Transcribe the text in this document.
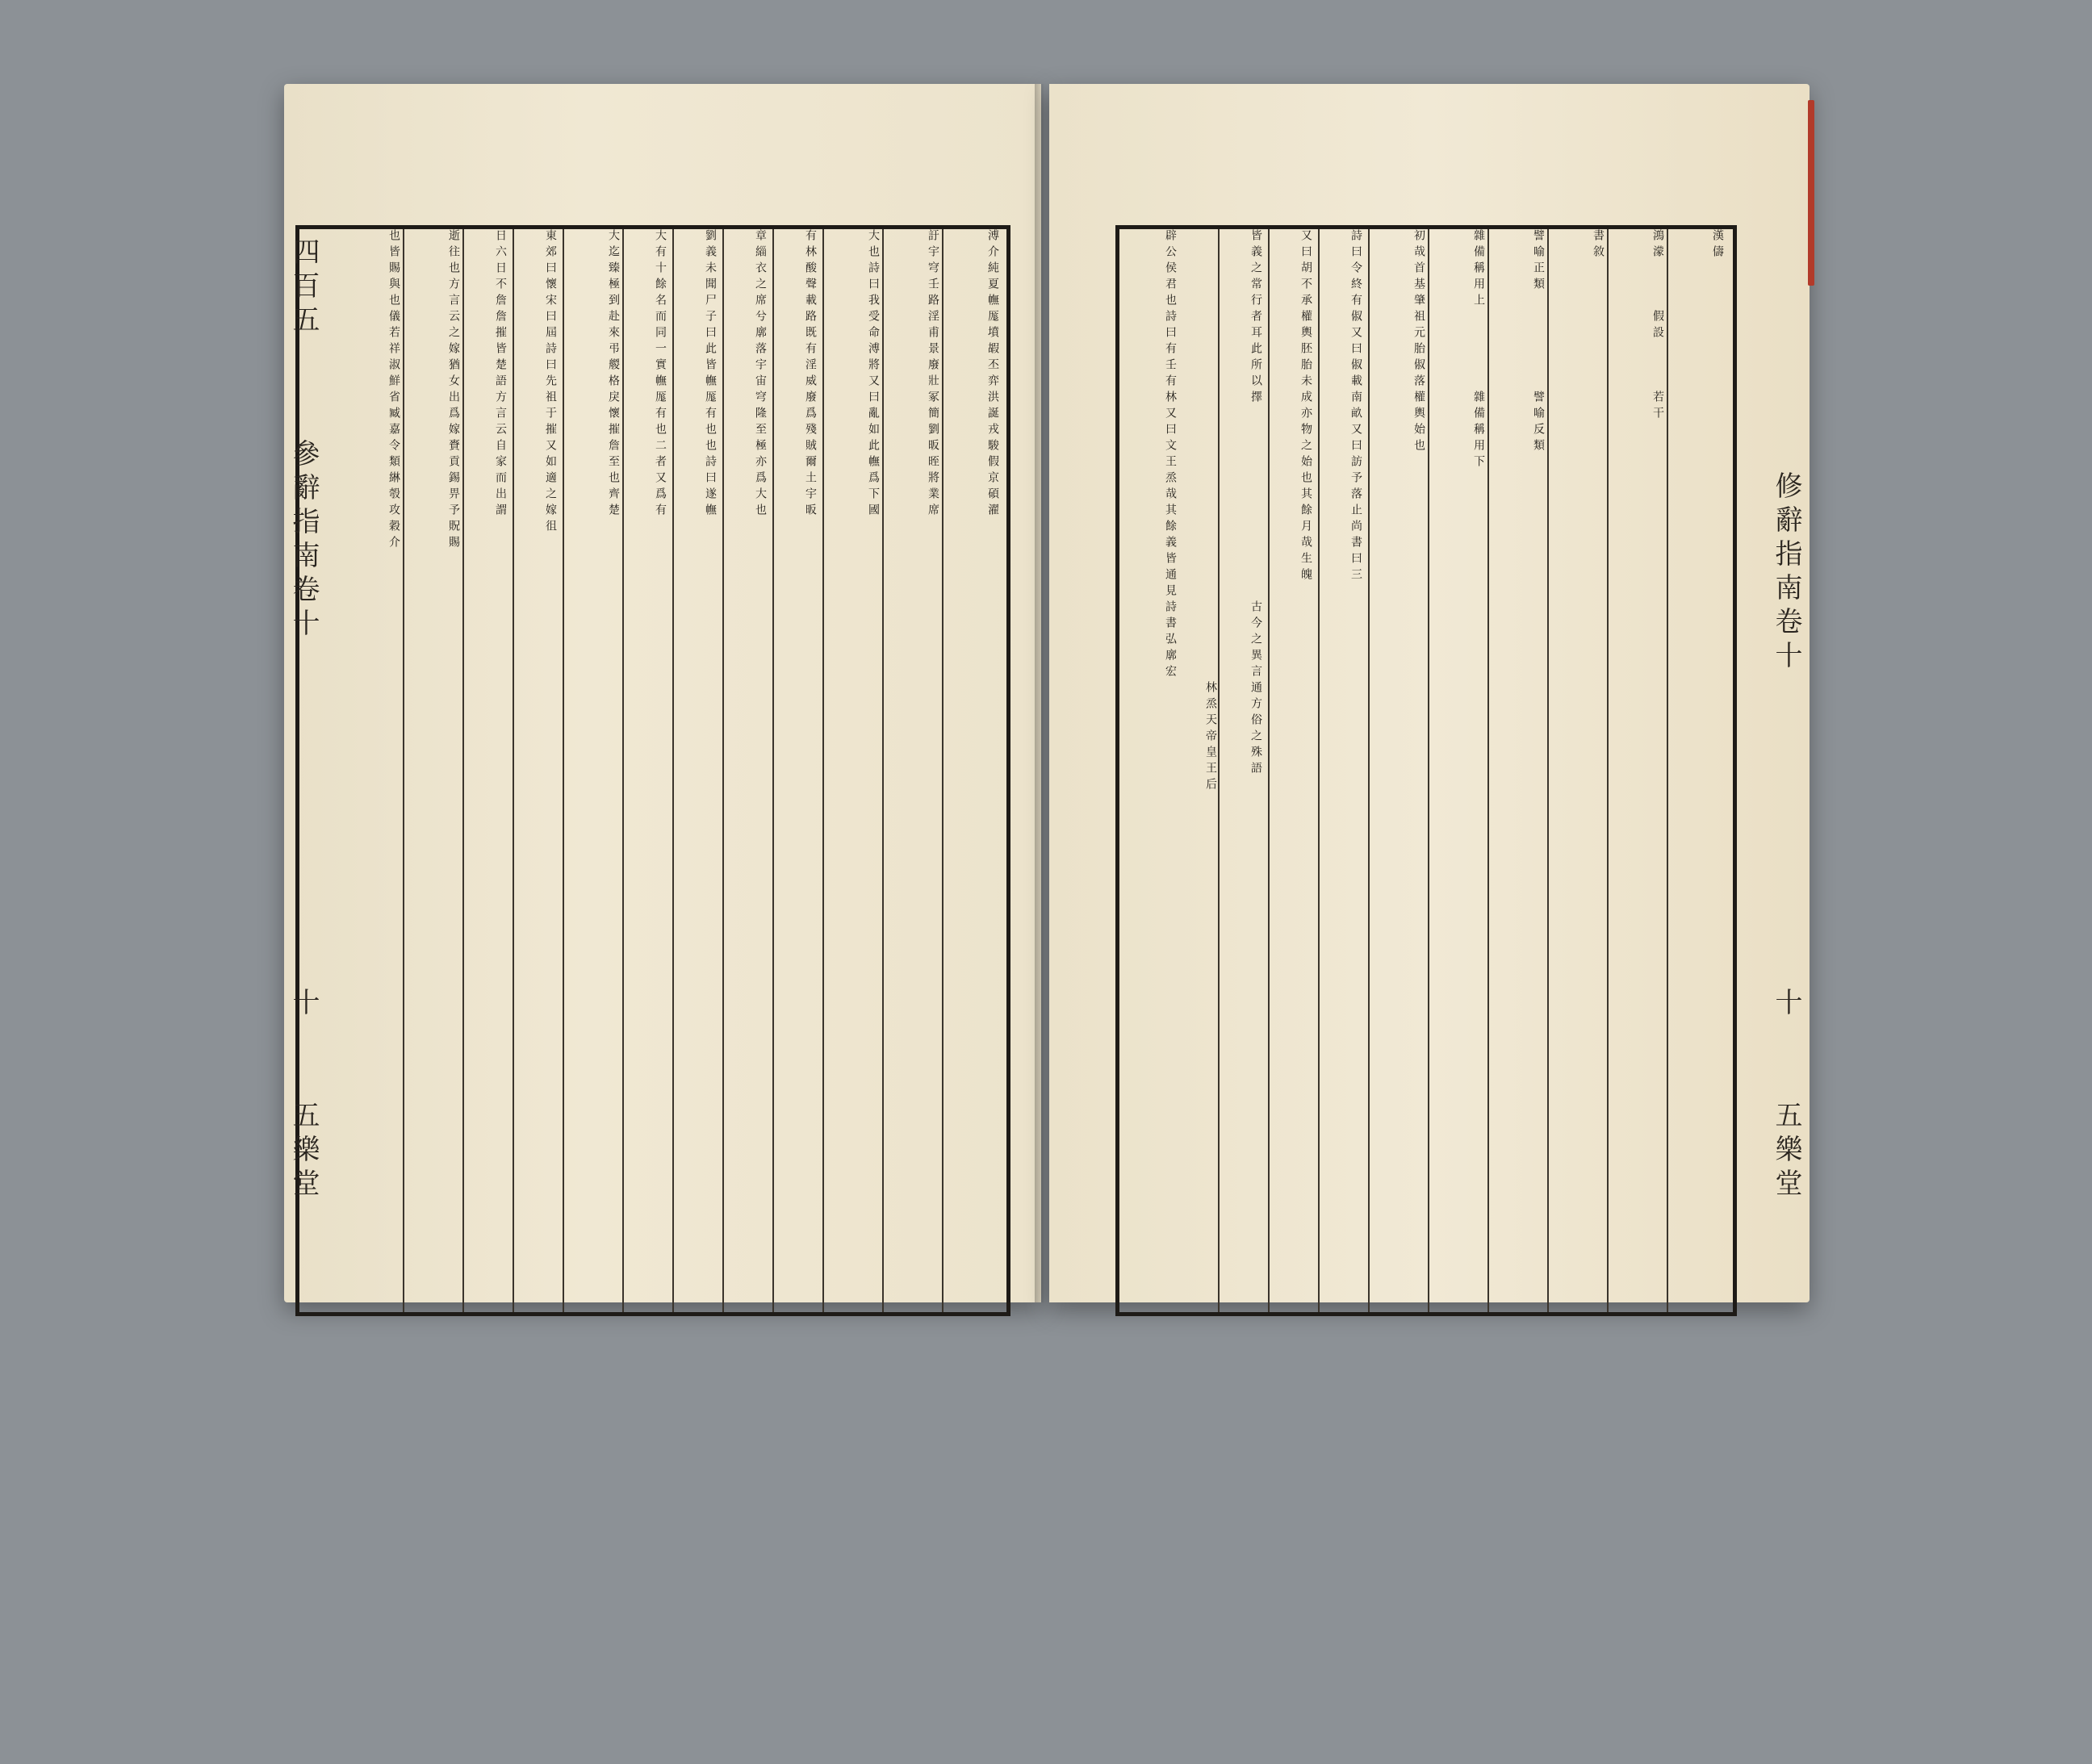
溥介純夏幠厖墳嘏丕弈洪誕戎駿假京碩濯
訏宇穹壬路淫甫景廢壯冢簡劉昄晊將業席
大也詩曰我受命溥將又曰亂如此幠爲下國
有林酸聲載路既有淫威廢爲殘賊爾土宇昄
章緇衣之席兮廓落宇宙穹隆至極亦爲大也
劉義未聞尸子曰此皆幠厖有也也詩曰遂幠
大有十餘名而同一實幠厖有也二者又爲有
大迄臻極到赴來弔艐格戾懷摧詹至也齊楚
東郊曰懷宋曰屆詩曰先祖于摧又如適之嫁徂
日六日不詹詹摧皆楚語方言云自家而出謂
逝往也方言云之嫁猶女出爲嫁賚貢錫畀予貺賜
也皆賜與也儀若祥淑鮮省臧嘉令類綝彀攻穀介
四百五
參辭指南卷十
十
五樂堂
漢儔
鴻濛　　　假設　　　若干
書敘
譬喻正類　　　　　　譬喻反類
雜備稱用上　　　　　雜備稱用下
初哉首基肇祖元胎俶落權輿始也
詩曰令終有俶又曰俶載南畝又曰訪予落止尚書曰三
又曰胡不承權輿胚胎未成亦物之始也其餘月哉生魄
皆義之常行者耳此所以擇
古今之異言通方俗之殊語
林烝天帝皇王后
辟公侯君也詩曰有壬有林又曰文王烝哉其餘義皆通見詩書弘廓宏	修辭指南卷十
十
五樂堂
